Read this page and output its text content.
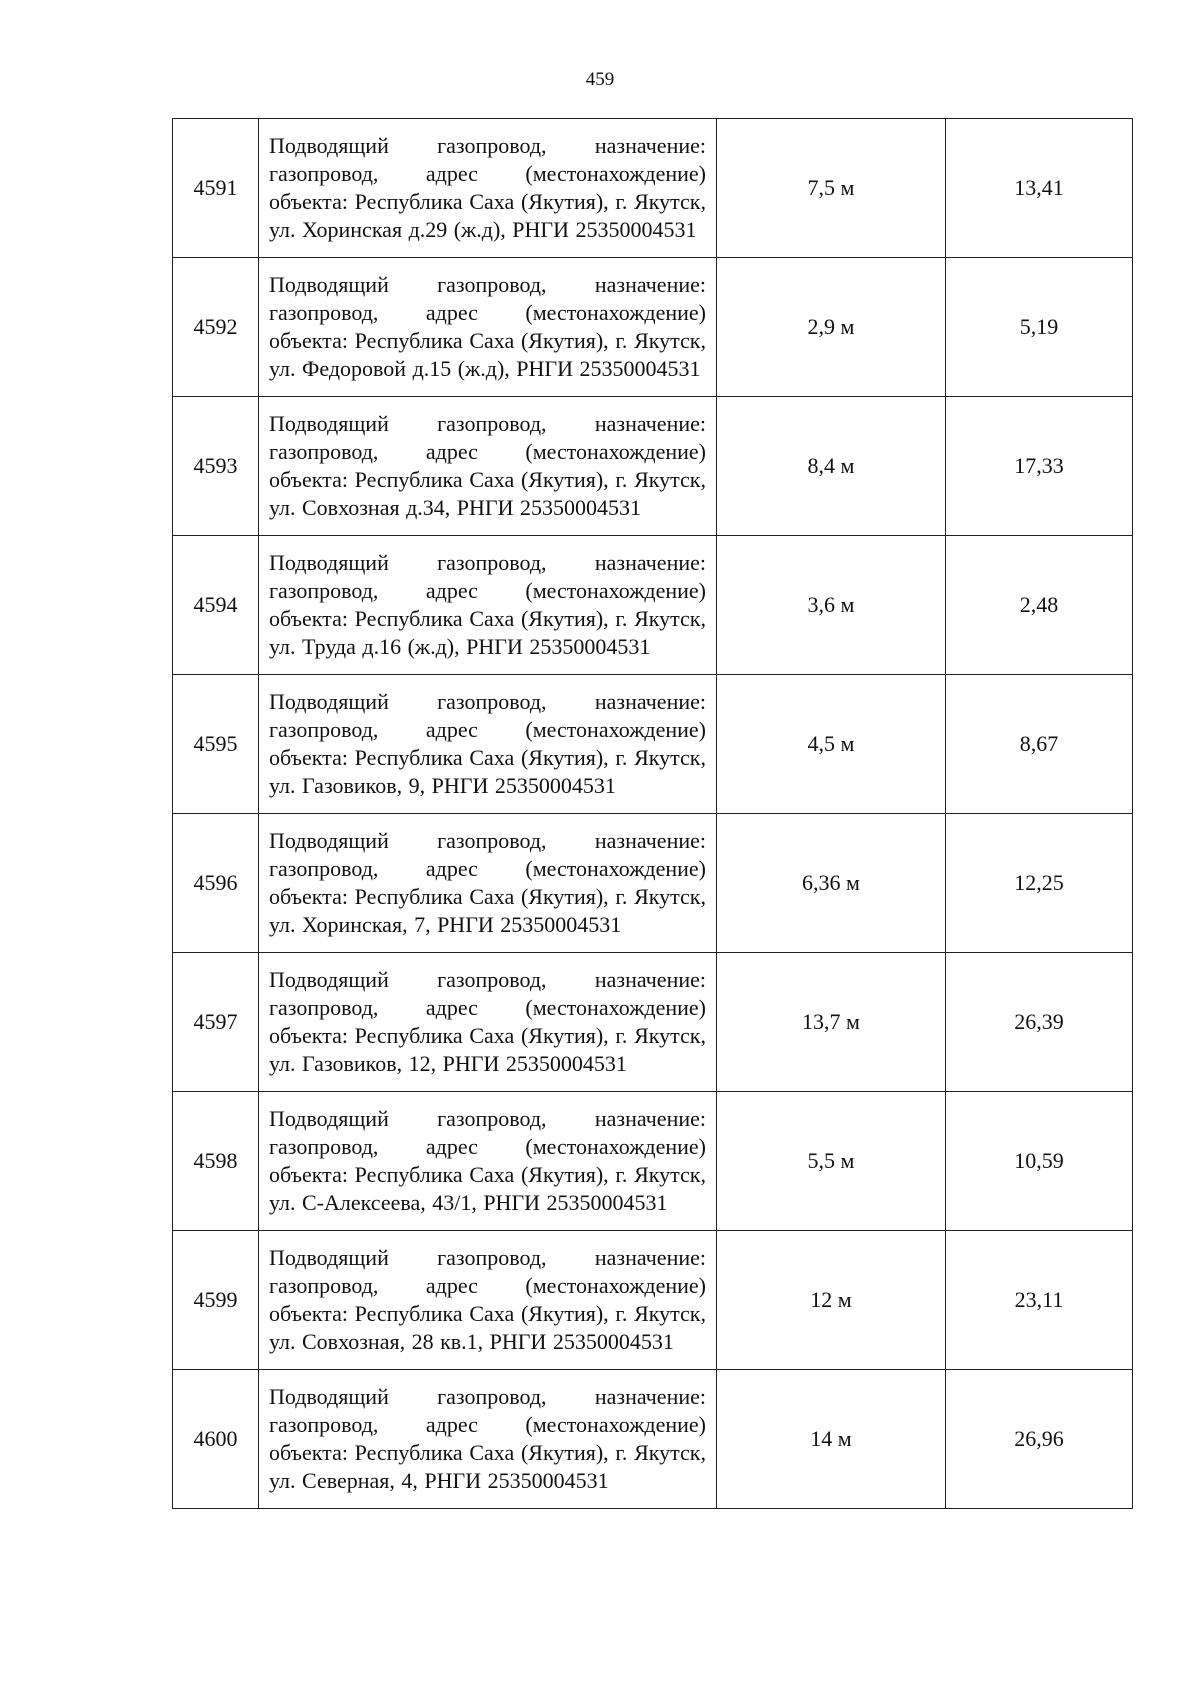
459
4591	Подводящий газопровод, назначение: газопровод, адрес (местонахождение) объекта: Республика Саха (Якутия), г. Якутск, ул. Хоринская д.29 (ж.д), РНГИ 25350004531	7,5 м	13,41
4592	Подводящий газопровод, назначение: газопровод, адрес (местонахождение) объекта: Республика Саха (Якутия), г. Якутск, ул. Федоровой д.15 (ж.д), РНГИ 25350004531	2,9 м	5,19
4593	Подводящий газопровод, назначение: газопровод, адрес (местонахождение) объекта: Республика Саха (Якутия), г. Якутск, ул. Совхозная д.34, РНГИ 25350004531	8,4 м	17,33
4594	Подводящий газопровод, назначение: газопровод, адрес (местонахождение) объекта: Республика Саха (Якутия), г. Якутск, ул. Труда д.16 (ж.д), РНГИ 25350004531	3,6 м	2,48
4595	Подводящий газопровод, назначение: газопровод, адрес (местонахождение) объекта: Республика Саха (Якутия), г. Якутск, ул. Газовиков, 9, РНГИ 25350004531	4,5 м	8,67
4596	Подводящий газопровод, назначение: газопровод, адрес (местонахождение) объекта: Республика Саха (Якутия), г. Якутск, ул. Хоринская, 7, РНГИ 25350004531	6,36 м	12,25
4597	Подводящий газопровод, назначение: газопровод, адрес (местонахождение) объекта: Республика Саха (Якутия), г. Якутск, ул. Газовиков, 12, РНГИ 25350004531	13,7 м	26,39
4598	Подводящий газопровод, назначение: газопровод, адрес (местонахождение) объекта: Республика Саха (Якутия), г. Якутск, ул. С-Алексеева, 43/1, РНГИ 25350004531	5,5 м	10,59
4599	Подводящий газопровод, назначение: газопровод, адрес (местонахождение) объекта: Республика Саха (Якутия), г. Якутск, ул. Совхозная, 28 кв.1, РНГИ 25350004531	12 м	23,11
4600	Подводящий газопровод, назначение: газопровод, адрес (местонахождение) объекта: Республика Саха (Якутия), г. Якутск, ул. Северная, 4, РНГИ 25350004531	14 м	26,96
